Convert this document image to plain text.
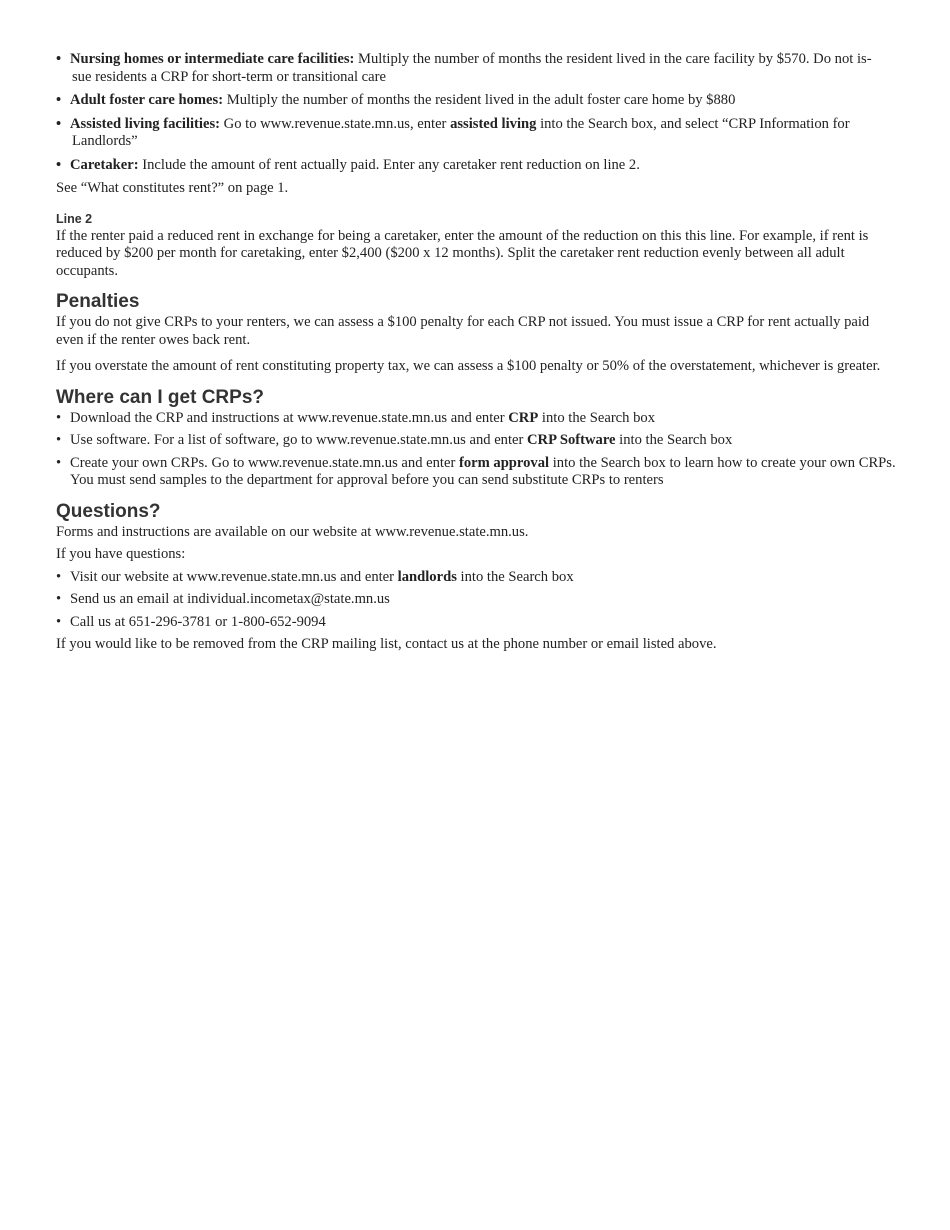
• Nursing homes or intermediate care facilities: Multiply the number of months the resident lived in the care facility by $570. Do not is-
sue residents a CRP for short-term or transitional care
• Adult foster care homes: Multiply the number of months the resident lived in the adult foster care home by $880
• Assisted living facilities: Go to www.revenue.state.mn.us, enter assisted living into the Search box, and select “CRP Information for
Landlords”
• Caretaker: Include the amount of rent actually paid. Enter any caretaker rent reduction on line 2.

See “What constitutes rent?” on page 1.

Line 2

If the renter paid a reduced rent in exchange for being a caretaker, enter the amount of the reduction on this this line. For example, if rent is reduced by $200 per month for caretaking, enter $2,400 ($200 x 12 months). Split the caretaker rent reduction evenly between all adult occupants.

Penalties

If you do not give CRPs to your renters, we can assess a $100 penalty for each CRP not issued. You must issue a CRP for rent actually paid even if the renter owes back rent.

If you overstate the amount of rent constituting property tax, we can assess a $100 penalty or 50% of the overstatement, whichever is greater.

Where can I get CRPs?
• Download the CRP and instructions at www.revenue.state.mn.us and enter CRP into the Search box
• Use software. For a list of software, go to www.revenue.state.mn.us and enter CRP Software into the Search box
• Create your own CRPs. Go to www.revenue.state.mn.us and enter form approval into the Search box to learn how to create your own CRPs. You must send samples to the department for approval before you can send substitute CRPs to renters
Questions?

Forms and instructions are available on our website at www.revenue.state.mn.us.

If you have questions:

• Visit our website at www.revenue.state.mn.us and enter landlords into the Search box
• Send us an email at individual.incometax@state.mn.us
• Call us at 651-296-3781 or 1-800-652-9094

If you would like to be removed from the CRP mailing list, contact us at the phone number or email listed above.
